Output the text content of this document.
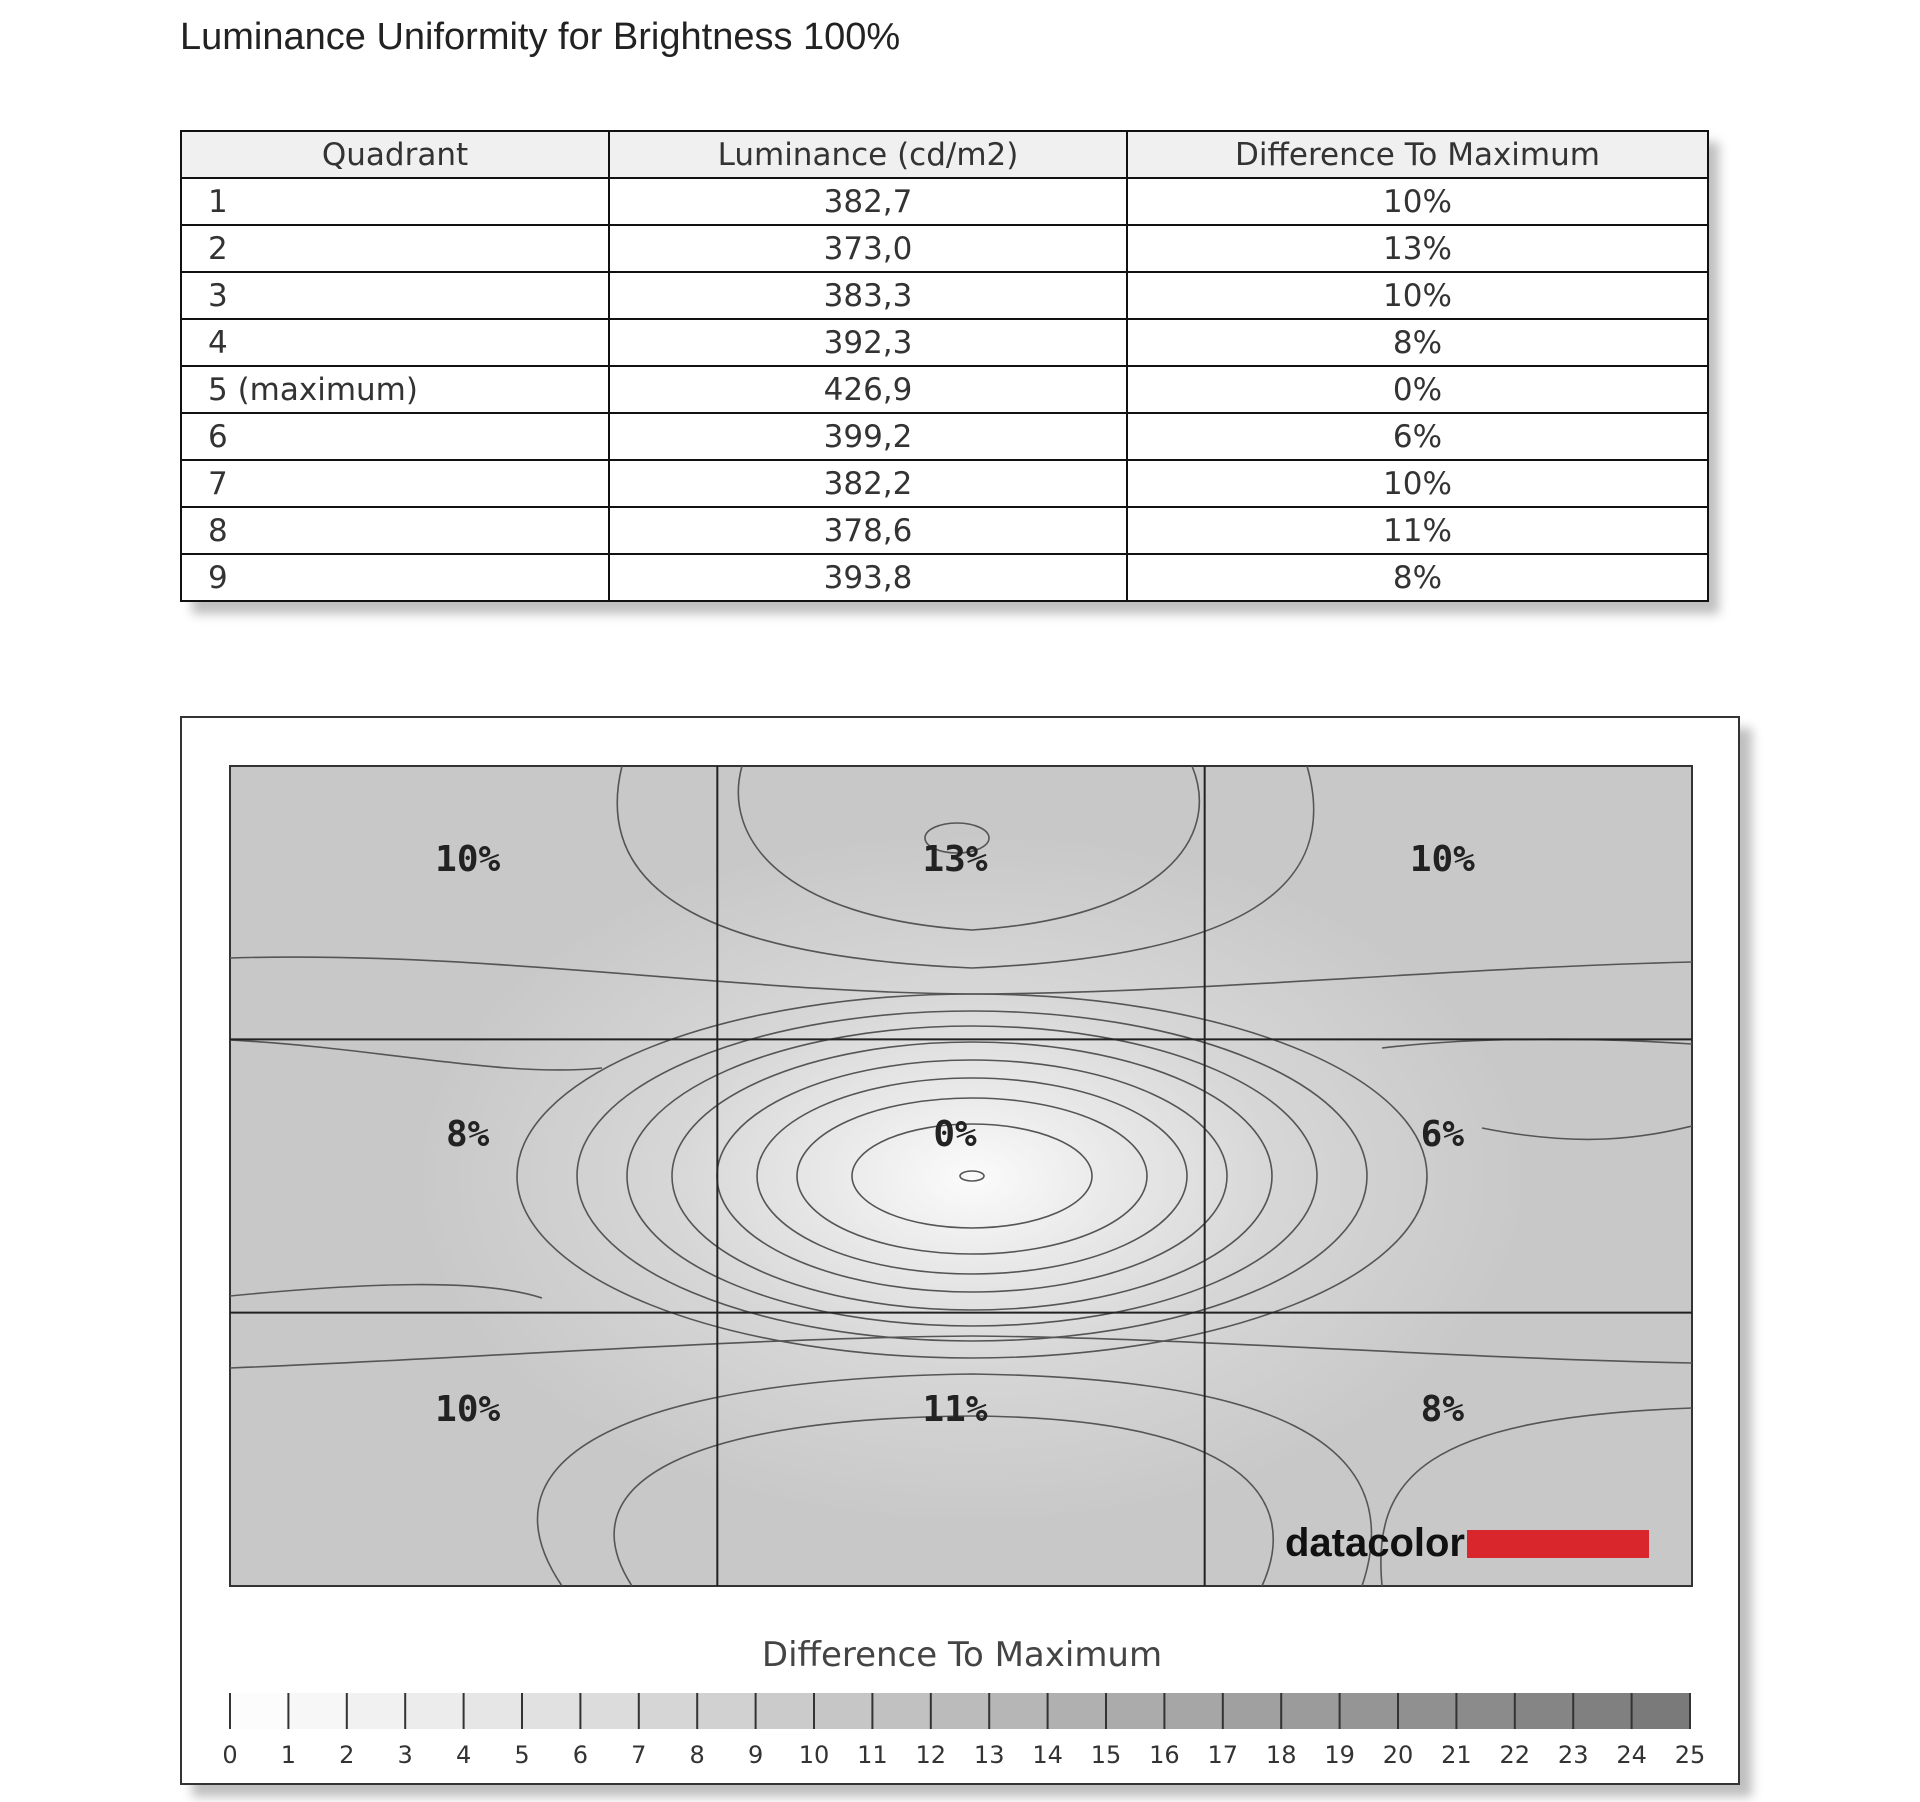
Luminance Uniformity for Brightness 100%
Quadrant	Luminance (cd/m2)	Difference To Maximum
1	382,7	10%
2	373,0	13%
3	383,3	10%
4	392,3	8%
5 (maximum)	426,9	0%
6	399,2	6%
7	382,2	10%
8	378,6	11%
9	393,8	8%
10%	13%	10%
8%	0%	6%
10%	11%	8%
datacolor
Difference To Maximum
0 1 2 3 4 5 6 7 8 9 10 11 12 13 14 15 16 17 18 19 20 21 22 23 24 25
